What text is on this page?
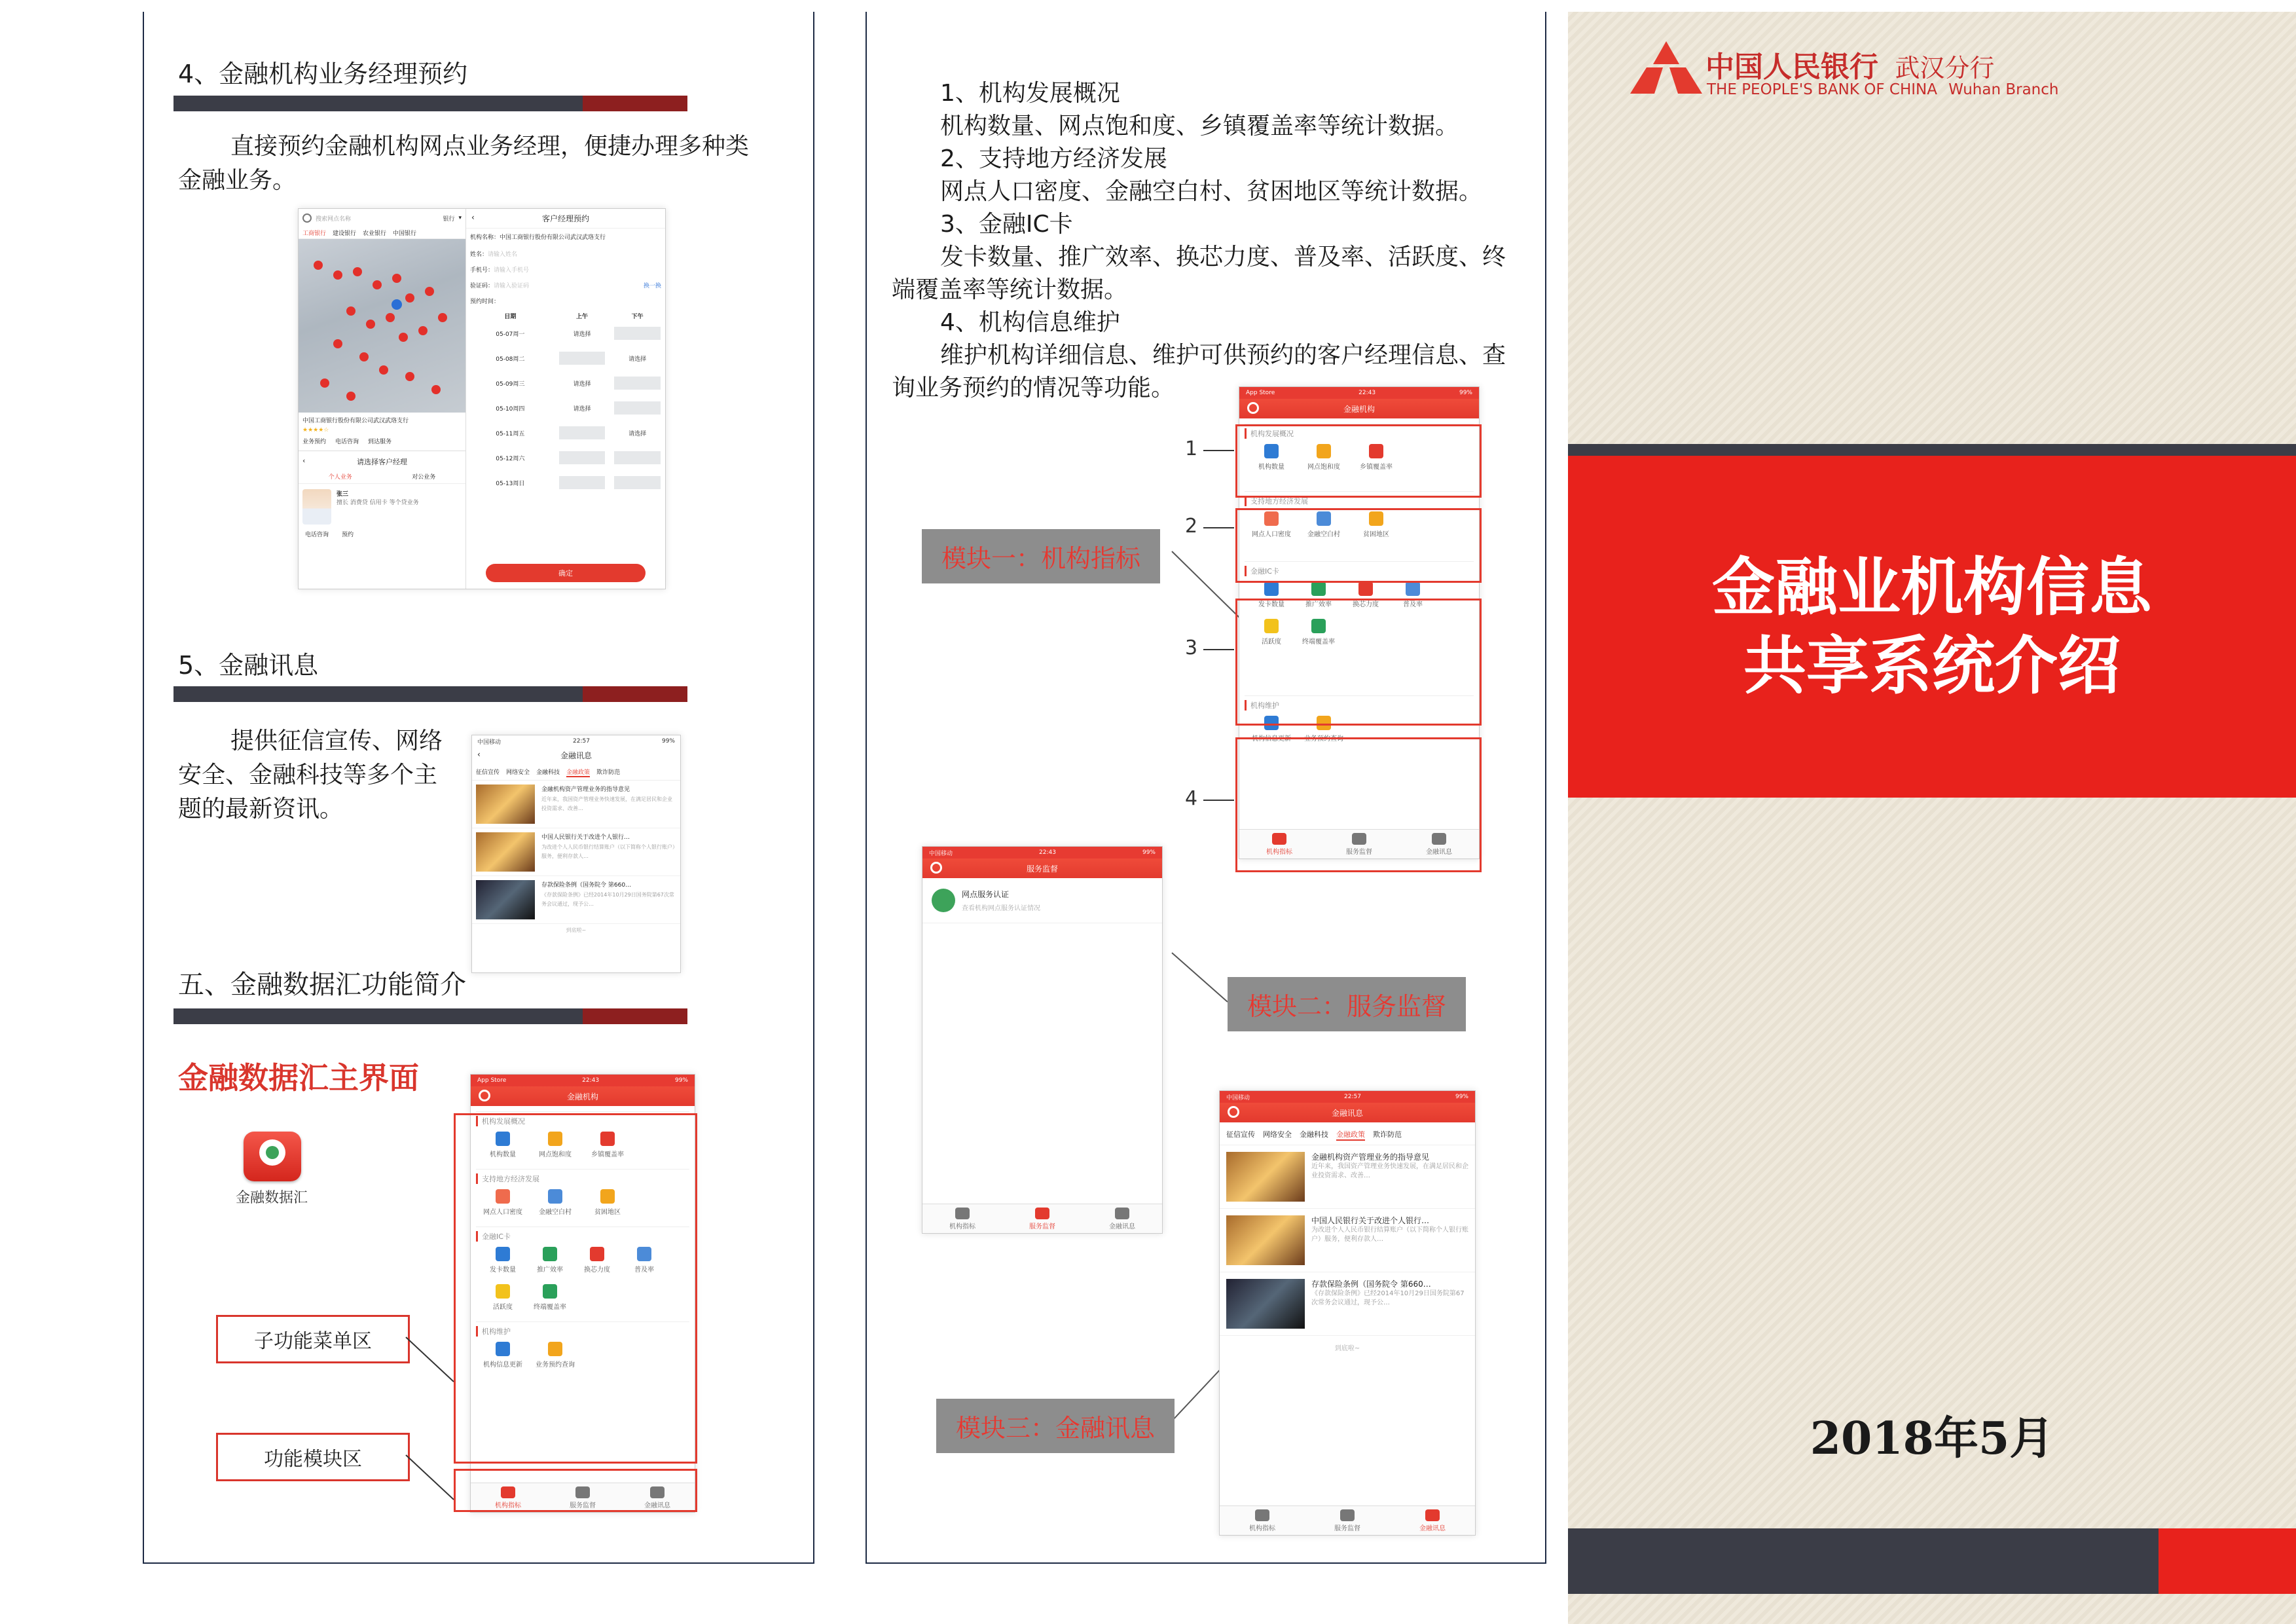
4、金融机构业务经理预约
直接预约金融机构网点业务经理，便捷办理多种类金融业务。
搜索网点名称	银行 ▾
工商银行 建设银行 农业银行 中国银行
中国工商银行股份有限公司武汉武珞支行
★★★★☆
业务预约 电话咨询 到达服务
‹	请选择客户经理
个人业务	对公业务
张三
擅长 消费贷 信用卡 等个贷业务
电话咨询 预约
‹	客户经理预约
机构名称：中国工商银行股份有限公司武汉武珞支行
姓名：请输入姓名
手机号：请输入手机号
验证码：请输入验证码	换一换
预约时间：
日期	上午	下午
05-07周一	请选择	

05-08周二		请选择
05-09周三	请选择	

05-10周四	请选择	

05-11周五		请选择
05-12周六	

05-13周日	

确定
5、金融讯息
提供征信宣传、网络安全、金融科技等多个主题的最新资讯。
中国移动	22:57	99%
‹	金融讯息
征信宣传 网络安全 金融科技 金融政策 欺诈防范
金融机构资产管理业务的指导意见
近年来，我国资产管理业务快速发展，在满足居民和企业投资需求、改善…
中国人民银行关于改进个人银行…
为改进个人人民币银行结算账户（以下简称个人银行账户）服务，便利存款人…
存款保险条例（国务院令 第660…
《存款保险条例》已经2014年10月29日国务院第67次常务会议通过，现予公…
到底啦~
五、金融数据汇功能简介
金融数据汇主界面
金融数据汇
App Store	22:43	99%
金融机构
机构发展概况
机构数量	网点饱和度	乡镇覆盖率
支持地方经济发展
网点人口密度	金融空白村	贫困地区
金融IC卡
发卡数量	推广效率	换芯力度	普及率
活跃度	终端覆盖率
机构维护
机构信息更新	业务预约查询
机构指标	服务监督	金融讯息
子功能菜单区
功能模块区
1、机构发展概况
机构数量、网点饱和度、乡镇覆盖率等统计数据。
2、支持地方经济发展
网点人口密度、金融空白村、贫困地区等统计数据。
3、金融IC卡
发卡数量、推广效率、换芯力度、普及率、活跃度、终端覆盖率等统计数据。
4、机构信息维护
维护机构详细信息、维护可供预约的客户经理信息、查询业务预约的情况等功能。	App Store	22:43	99%
金融机构
机构发展概况
机构数量	网点饱和度	乡镇覆盖率
支持地方经济发展
网点人口密度	金融空白村	贫困地区
金融IC卡
发卡数量	推广效率	换芯力度	普及率
活跃度	终端覆盖率
机构维护
机构信息更新	业务预约查询
机构指标	服务监督	金融讯息
1
2
3
4
模块一：机构指标
中国移动	22:43	99%
服务监督
网点服务认证
查看机构网点服务认证情况
机构指标	服务监督	金融讯息
模块二：服务监督
中国移动	22:57	99%
金融讯息
征信宣传 网络安全 金融科技 金融政策 欺诈防范
金融机构资产管理业务的指导意见
近年来，我国资产管理业务快速发展，在满足居民和企业投资需求、改善…
中国人民银行关于改进个人银行…
为改进个人人民币银行结算账户（以下简称个人银行账户）服务，便利存款人…
存款保险条例（国务院令 第660…
《存款保险条例》已经2014年10月29日国务院第67次常务会议通过，现予公…
到底啦~
机构指标	服务监督	金融讯息
模块三：金融讯息
中国人民银行 武汉分行
THE PEOPLE'S BANK OF CHINA Wuhan Branch
金融业机构信息
共享系统介绍
2018年5月
